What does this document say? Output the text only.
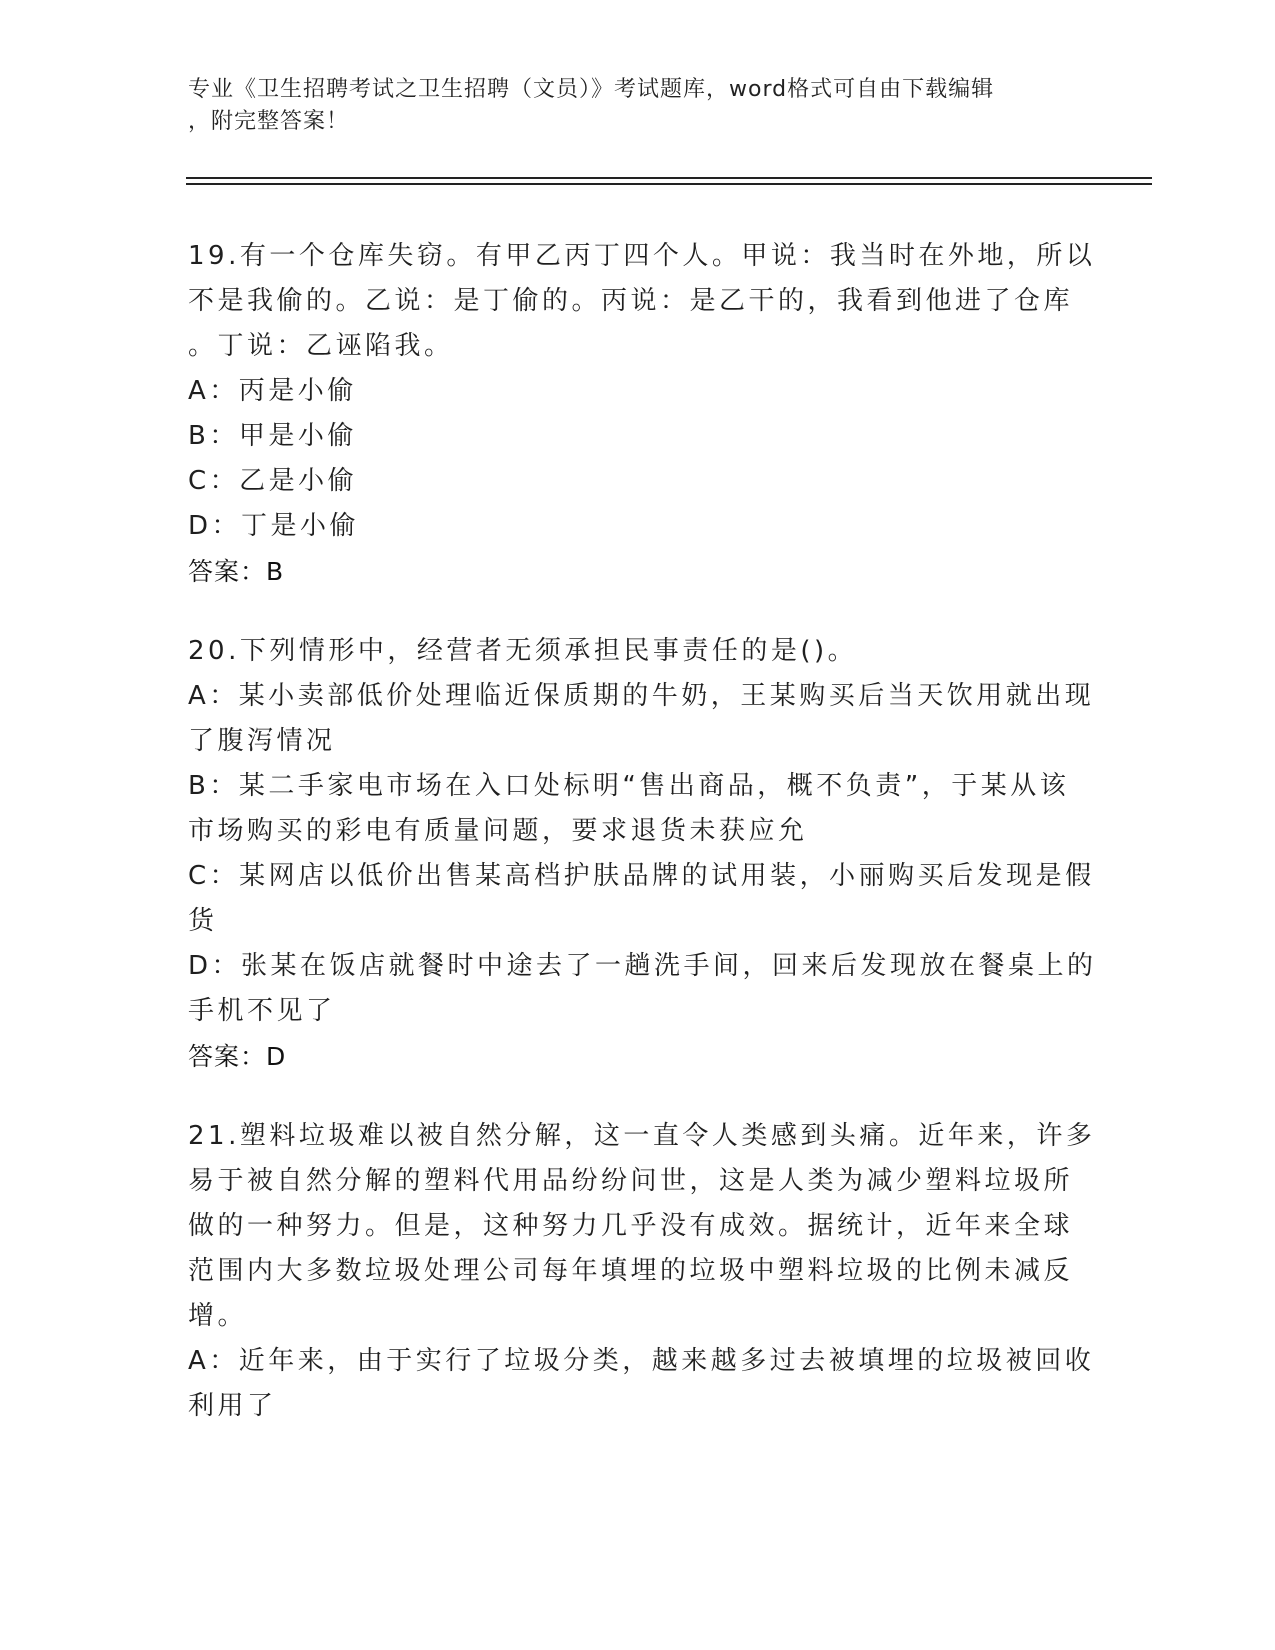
专业《卫生招聘考试之卫生招聘（文员）》考试题库，word格式可自由下载编辑
，附完整答案！
19.有一个仓库失窃。有甲乙丙丁四个人。甲说：我当时在外地，所以
不是我偷的。乙说：是丁偷的。丙说：是乙干的，我看到他进了仓库
。丁说：乙诬陷我。
A：丙是小偷
B：甲是小偷
C：乙是小偷
D：丁是小偷
答案：B
20.下列情形中，经营者无须承担民事责任的是()。
A：某小卖部低价处理临近保质期的牛奶，王某购买后当天饮用就出现
了腹泻情况
B：某二手家电市场在入口处标明“售出商品，概不负责”，于某从该
市场购买的彩电有质量问题，要求退货未获应允
C：某网店以低价出售某高档护肤品牌的试用装，小丽购买后发现是假
货
D：张某在饭店就餐时中途去了一趟洗手间，回来后发现放在餐桌上的
手机不见了
答案：D
21.塑料垃圾难以被自然分解，这一直令人类感到头痛。近年来，许多
易于被自然分解的塑料代用品纷纷问世，这是人类为减少塑料垃圾所
做的一种努力。但是，这种努力几乎没有成效。据统计，近年来全球
范围内大多数垃圾处理公司每年填埋的垃圾中塑料垃圾的比例未减反
增。
A：近年来，由于实行了垃圾分类，越来越多过去被填埋的垃圾被回收
利用了
